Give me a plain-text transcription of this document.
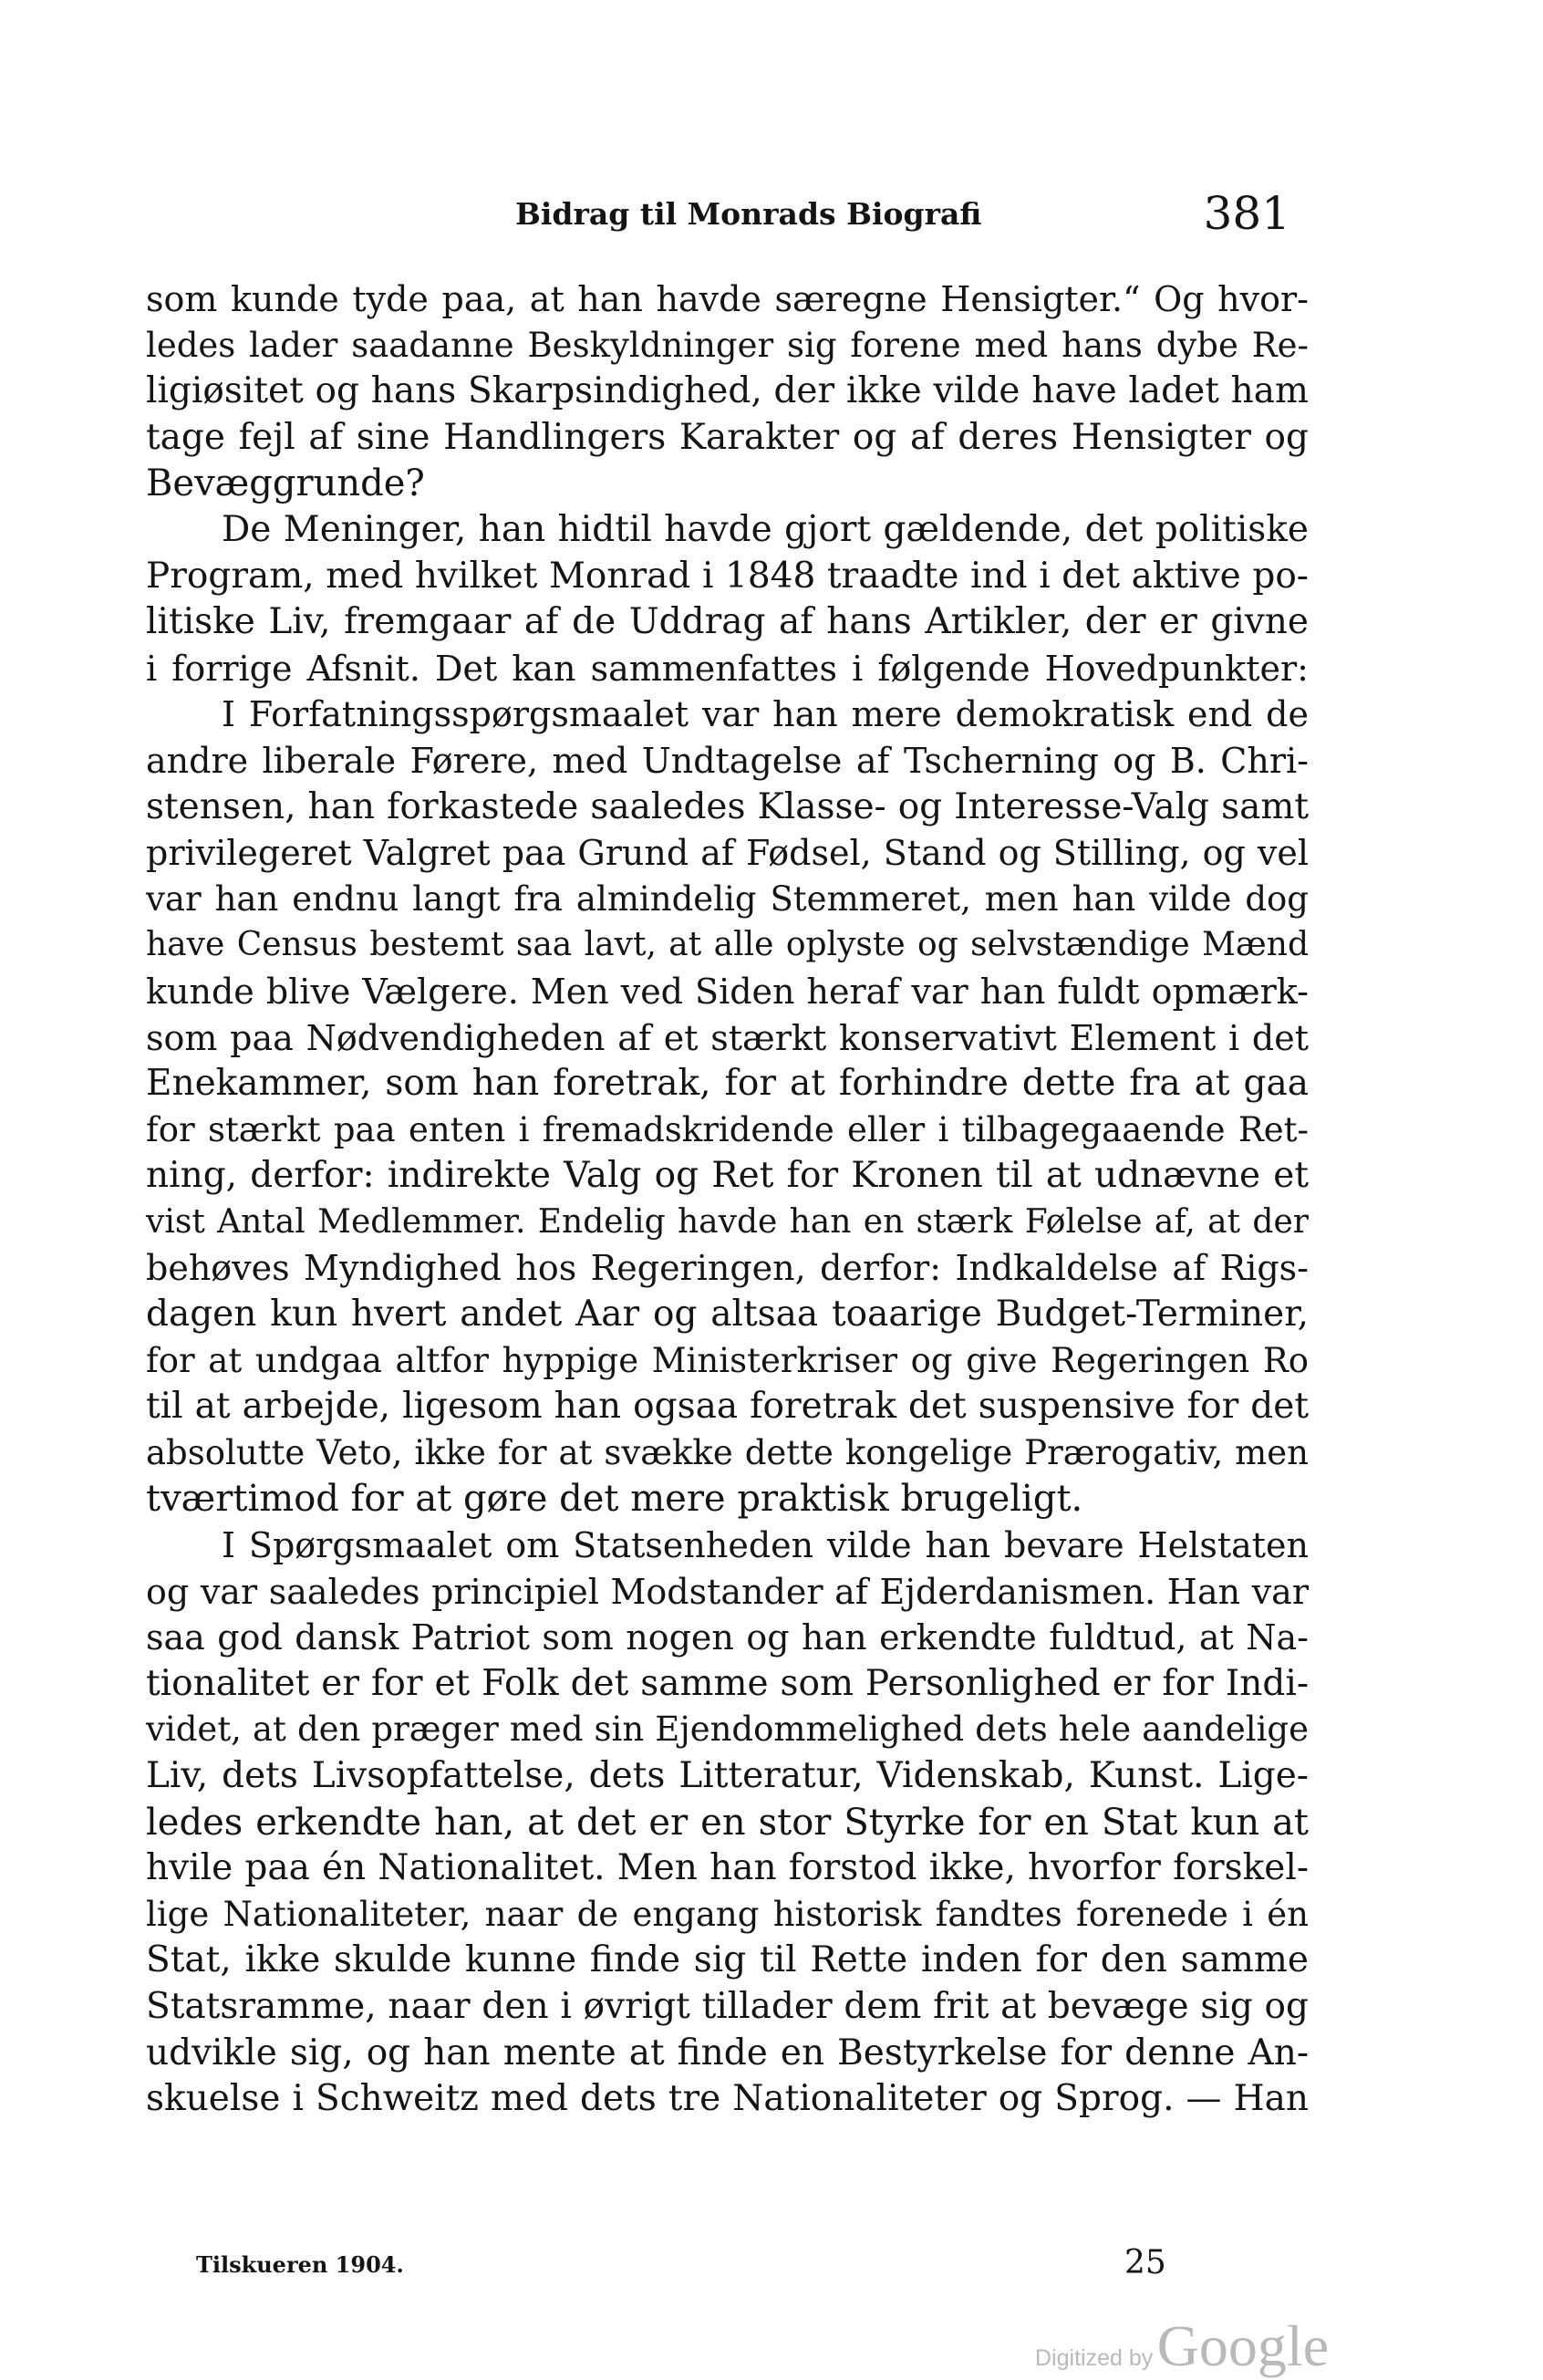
Bidrag til Monrads Biografi	381
som kunde tyde paa, at han havde særegne Hensigter.“ Og hvor-
ledes lader saadanne Beskyldninger sig forene med hans dybe Re-
ligiøsitet og hans Skarpsindighed, der ikke vilde have ladet ham
tage fejl af sine Handlingers Karakter og af deres Hensigter og
Bevæggrunde?
De Meninger, han hidtil havde gjort gældende, det politiske
Program, med hvilket Monrad i 1848 traadte ind i det aktive po-
litiske Liv, fremgaar af de Uddrag af hans Artikler, der er givne
i forrige Afsnit. Det kan sammenfattes i følgende Hovedpunkter:
I Forfatningsspørgsmaalet var han mere demokratisk end de
andre liberale Førere, med Undtagelse af Tscherning og B. Chri-
stensen, han forkastede saaledes Klasse- og Interesse-Valg samt
privilegeret Valgret paa Grund af Fødsel, Stand og Stilling, og vel
var han endnu langt fra almindelig Stemmeret, men han vilde dog
have Census bestemt saa lavt, at alle oplyste og selvstændige Mænd
kunde blive Vælgere. Men ved Siden heraf var han fuldt opmærk-
som paa Nødvendigheden af et stærkt konservativt Element i det
Enekammer, som han foretrak, for at forhindre dette fra at gaa
for stærkt paa enten i fremadskridende eller i tilbagegaaende Ret-
ning, derfor: indirekte Valg og Ret for Kronen til at udnævne et
vist Antal Medlemmer. Endelig havde han en stærk Følelse af, at der
behøves Myndighed hos Regeringen, derfor: Indkaldelse af Rigs-
dagen kun hvert andet Aar og altsaa toaarige Budget-Terminer,
for at undgaa altfor hyppige Ministerkriser og give Regeringen Ro
til at arbejde, ligesom han ogsaa foretrak det suspensive for det
absolutte Veto, ikke for at svække dette kongelige Prærogativ, men
tværtimod for at gøre det mere praktisk brugeligt.
I Spørgsmaalet om Statsenheden vilde han bevare Helstaten
og var saaledes principiel Modstander af Ejderdanismen. Han var
saa god dansk Patriot som nogen og han erkendte fuldtud, at Na-
tionalitet er for et Folk det samme som Personlighed er for Indi-
videt, at den præger med sin Ejendommelighed dets hele aandelige
Liv, dets Livsopfattelse, dets Litteratur, Videnskab, Kunst. Lige-
ledes erkendte han, at det er en stor Styrke for en Stat kun at
hvile paa én Nationalitet. Men han forstod ikke, hvorfor forskel-
lige Nationaliteter, naar de engang historisk fandtes forenede i én
Stat, ikke skulde kunne finde sig til Rette inden for den samme
Statsramme, naar den i øvrigt tillader dem frit at bevæge sig og
udvikle sig, og han mente at finde en Bestyrkelse for denne An-
skuelse i Schweitz med dets tre Nationaliteter og Sprog. — Han
Tilskueren 1904.	25
Digitized by Google
